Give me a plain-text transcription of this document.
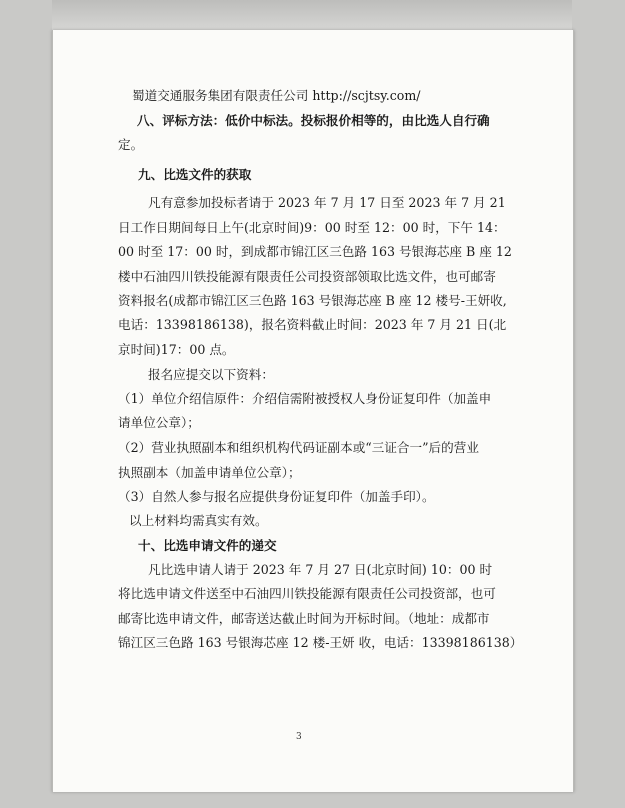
蜀道交通服务集团有限责任公司 http://scjtsy.com/
八、评标方法：低价中标法。投标报价相等的，由比选人自行确
定。
九、比选文件的获取
凡有意参加投标者请于 2023 年 7 月 17 日至 2023 年 7 月 21
日工作日期间每日上午(北京时间)9：00 时至 12：00 时，下午 14：
00 时至 17：00 时，到成都市锦江区三色路 163 号银海芯座 B 座 12
楼中石油四川铁投能源有限责任公司投资部领取比选文件，也可邮寄
资料报名(成都市锦江区三色路 163 号银海芯座 B 座 12 楼号-王妍收,
电话：13398186138)，报名资料截止时间：2023 年 7 月 21 日(北
京时间)17：00 点。
报名应提交以下资料：
（1）单位介绍信原件：介绍信需附被授权人身份证复印件（加盖申
请单位公章）；
（2）营业执照副本和组织机构代码证副本或“三证合一”后的营业
执照副本（加盖申请单位公章）；
（3）自然人参与报名应提供身份证复印件（加盖手印）。
以上材料均需真实有效。
十、比选申请文件的递交
凡比选申请人请于 2023 年 7 月 27 日(北京时间) 10：00 时
将比选申请文件送至中石油四川铁投能源有限责任公司投资部，也可
邮寄比选申请文件，邮寄送达截止时间为开标时间。（地址：成都市
锦江区三色路 163 号银海芯座 12 楼-王妍 收，电话：13398186138）
3
